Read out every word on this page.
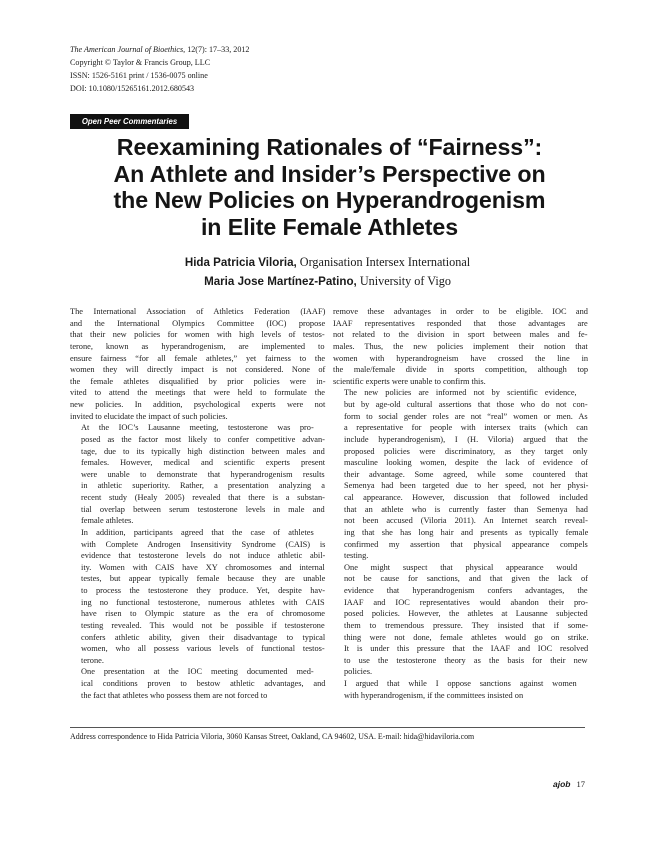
The American Journal of Bioethics, 12(7): 17–33, 2012
Copyright © Taylor & Francis Group, LLC
ISSN: 1526-5161 print / 1536-0075 online
DOI: 10.1080/15265161.2012.680543
Open Peer Commentaries
Reexamining Rationales of “Fairness”:
An Athlete and Insider’s Perspective on
the New Policies on Hyperandrogenism
in Elite Female Athletes
Hida Patricia Viloria, Organisation Intersex International
Maria Jose Martínez-Patino, University of Vigo

The International Association of Athletics Federation (IAAF)
and the International Olympics Committee (IOC) propose
that their new policies for women with high levels of testos-
terone, known as hyperandrogenism, are implemented to
ensure fairness “for all female athletes,” yet fairness to the
women they will directly impact is not considered. None of
the female athletes disqualified by prior policies were in-
vited to attend the meetings that were held to formulate the
new policies. In addition, psychological experts were not
invited to elucidate the impact of such policies.

At the IOC’s Lausanne meeting, testosterone was pro-
posed as the factor most likely to confer competitive advan-
tage, due to its typically high distinction between males and
females. However, medical and scientific experts present
were unable to demonstrate that hyperandrogenism results
in athletic superiority. Rather, a presentation analyzing a
recent study (Healy 2005) revealed that there is a substan-
tial overlap between serum testosterone levels in male and
female athletes.

In addition, participants agreed that the case of athletes
with Complete Androgen Insensitivity Syndrome (CAIS) is
evidence that testosterone levels do not induce athletic abil-
ity. Women with CAIS have XY chromosomes and internal
testes, but appear typically female because they are unable
to process the testosterone they produce. Yet, despite hav-
ing no functional testosterone, numerous athletes with CAIS
have risen to Olympic stature as the era of chromosome
testing revealed. This would not be possible if testosterone
confers athletic ability, given their disadvantage to typical
women, who all possess various levels of functional testos-
terone.

One presentation at the IOC meeting documented med-
ical conditions proven to bestow athletic advantages, and
the fact that athletes who possess them are not forced to

remove these advantages in order to be eligible. IOC and
IAAF representatives responded that those advantages are
not related to the division in sport between males and fe-
males. Thus, the new policies implement their notion that
women with hyperandrogneism have crossed the line in
the male/female divide in sports competition, although top
scientific experts were unable to confirm this.

The new policies are informed not by scientific evidence,
but by age-old cultural assertions that those who do not con-
form to social gender roles are not “real” women or men. As
a representative for people with intersex traits (which can
include hyperandrogenism), I (H. Viloria) argued that the
proposed policies were discriminatory, as they target only
masculine looking women, despite the lack of evidence of
their advantage. Some agreed, while some countered that
Semenya had been targeted due to her speed, not her physi-
cal appearance. However, discussion that followed included
that an athlete who is currently faster than Semenya had
not been accused (Viloria 2011). An Internet search reveal-
ing that she has long hair and presents as typically female
confirmed my assertion that physical appearance compels
testing.

One might suspect that physical appearance would
not be cause for sanctions, and that given the lack of
evidence that hyperandrogenism confers advantages, the
IAAF and IOC representatives would abandon their pro-
posed policies. However, the athletes at Lausanne subjected
them to tremendous pressure. They insisted that if some-
thing were not done, female athletes would go on strike.
It is under this pressure that the IAAF and IOC resolved
to use the testosterone theory as the basis for their new
policies.

I argued that while I oppose sanctions against women
with hyperandrogenism, if the committees insisted on

Address correspondence to Hida Patricia Viloria, 3060 Kansas Street, Oakland, CA 94602, USA. E-mail: hida@hidaviloria.com
ajob 17
